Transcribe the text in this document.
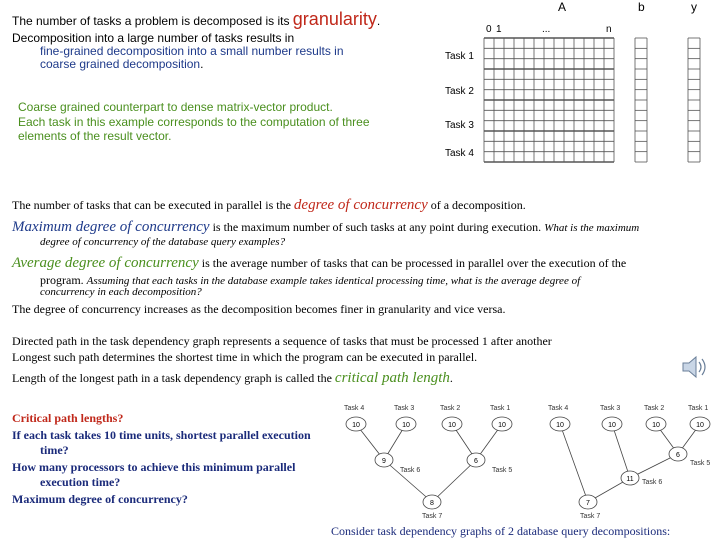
The number of tasks a problem is decomposed is its granularity.
Decomposition into a large number of tasks results in
fine-grained decomposition into a small number results in
coarse grained decomposition.
Coarse grained counterpart to dense matrix-vector product.
Each task in this example corresponds to the computation of three
elements of the result vector.
A	b	y
0 1	...	n
Task 1
Task 2
Task 3
Task 4
The number of tasks that can be executed in parallel is the degree of concurrency of a decomposition.
Maximum degree of concurrency is the maximum number of such tasks at any point during execution. What is the maximum
degree of concurrency of the database query examples?
Average degree of concurrency is the average number of tasks that can be processed in parallel over the execution of the
program. Assuming that each tasks in the database example takes identical processing time, what is the average degree of
concurrency in each decomposition?
The degree of concurrency increases as the decomposition becomes finer in granularity and vice versa.
Directed path in the task dependency graph represents a sequence of tasks that must be processed 1 after another
Longest such path determines the shortest time in which the program can be executed in parallel.
Length of the longest path in a task dependency graph is called the critical path length.
Critical path lengths?
If each task takes 10 time units, shortest parallel execution
time?
How many processors to achieve this minimum parallel
execution time?
Maximum degree of concurrency?
Task 4	Task 3	Task 2	Task 1
10	10	10	10
9	6
8
Task 6	Task 5
Task 7
Task 4	Task 3	Task 2	Task 1
10	10	10	10
6
11
7
Task 5
Task 6
Task 7
Consider task dependency graphs of 2 database query decompositions:
